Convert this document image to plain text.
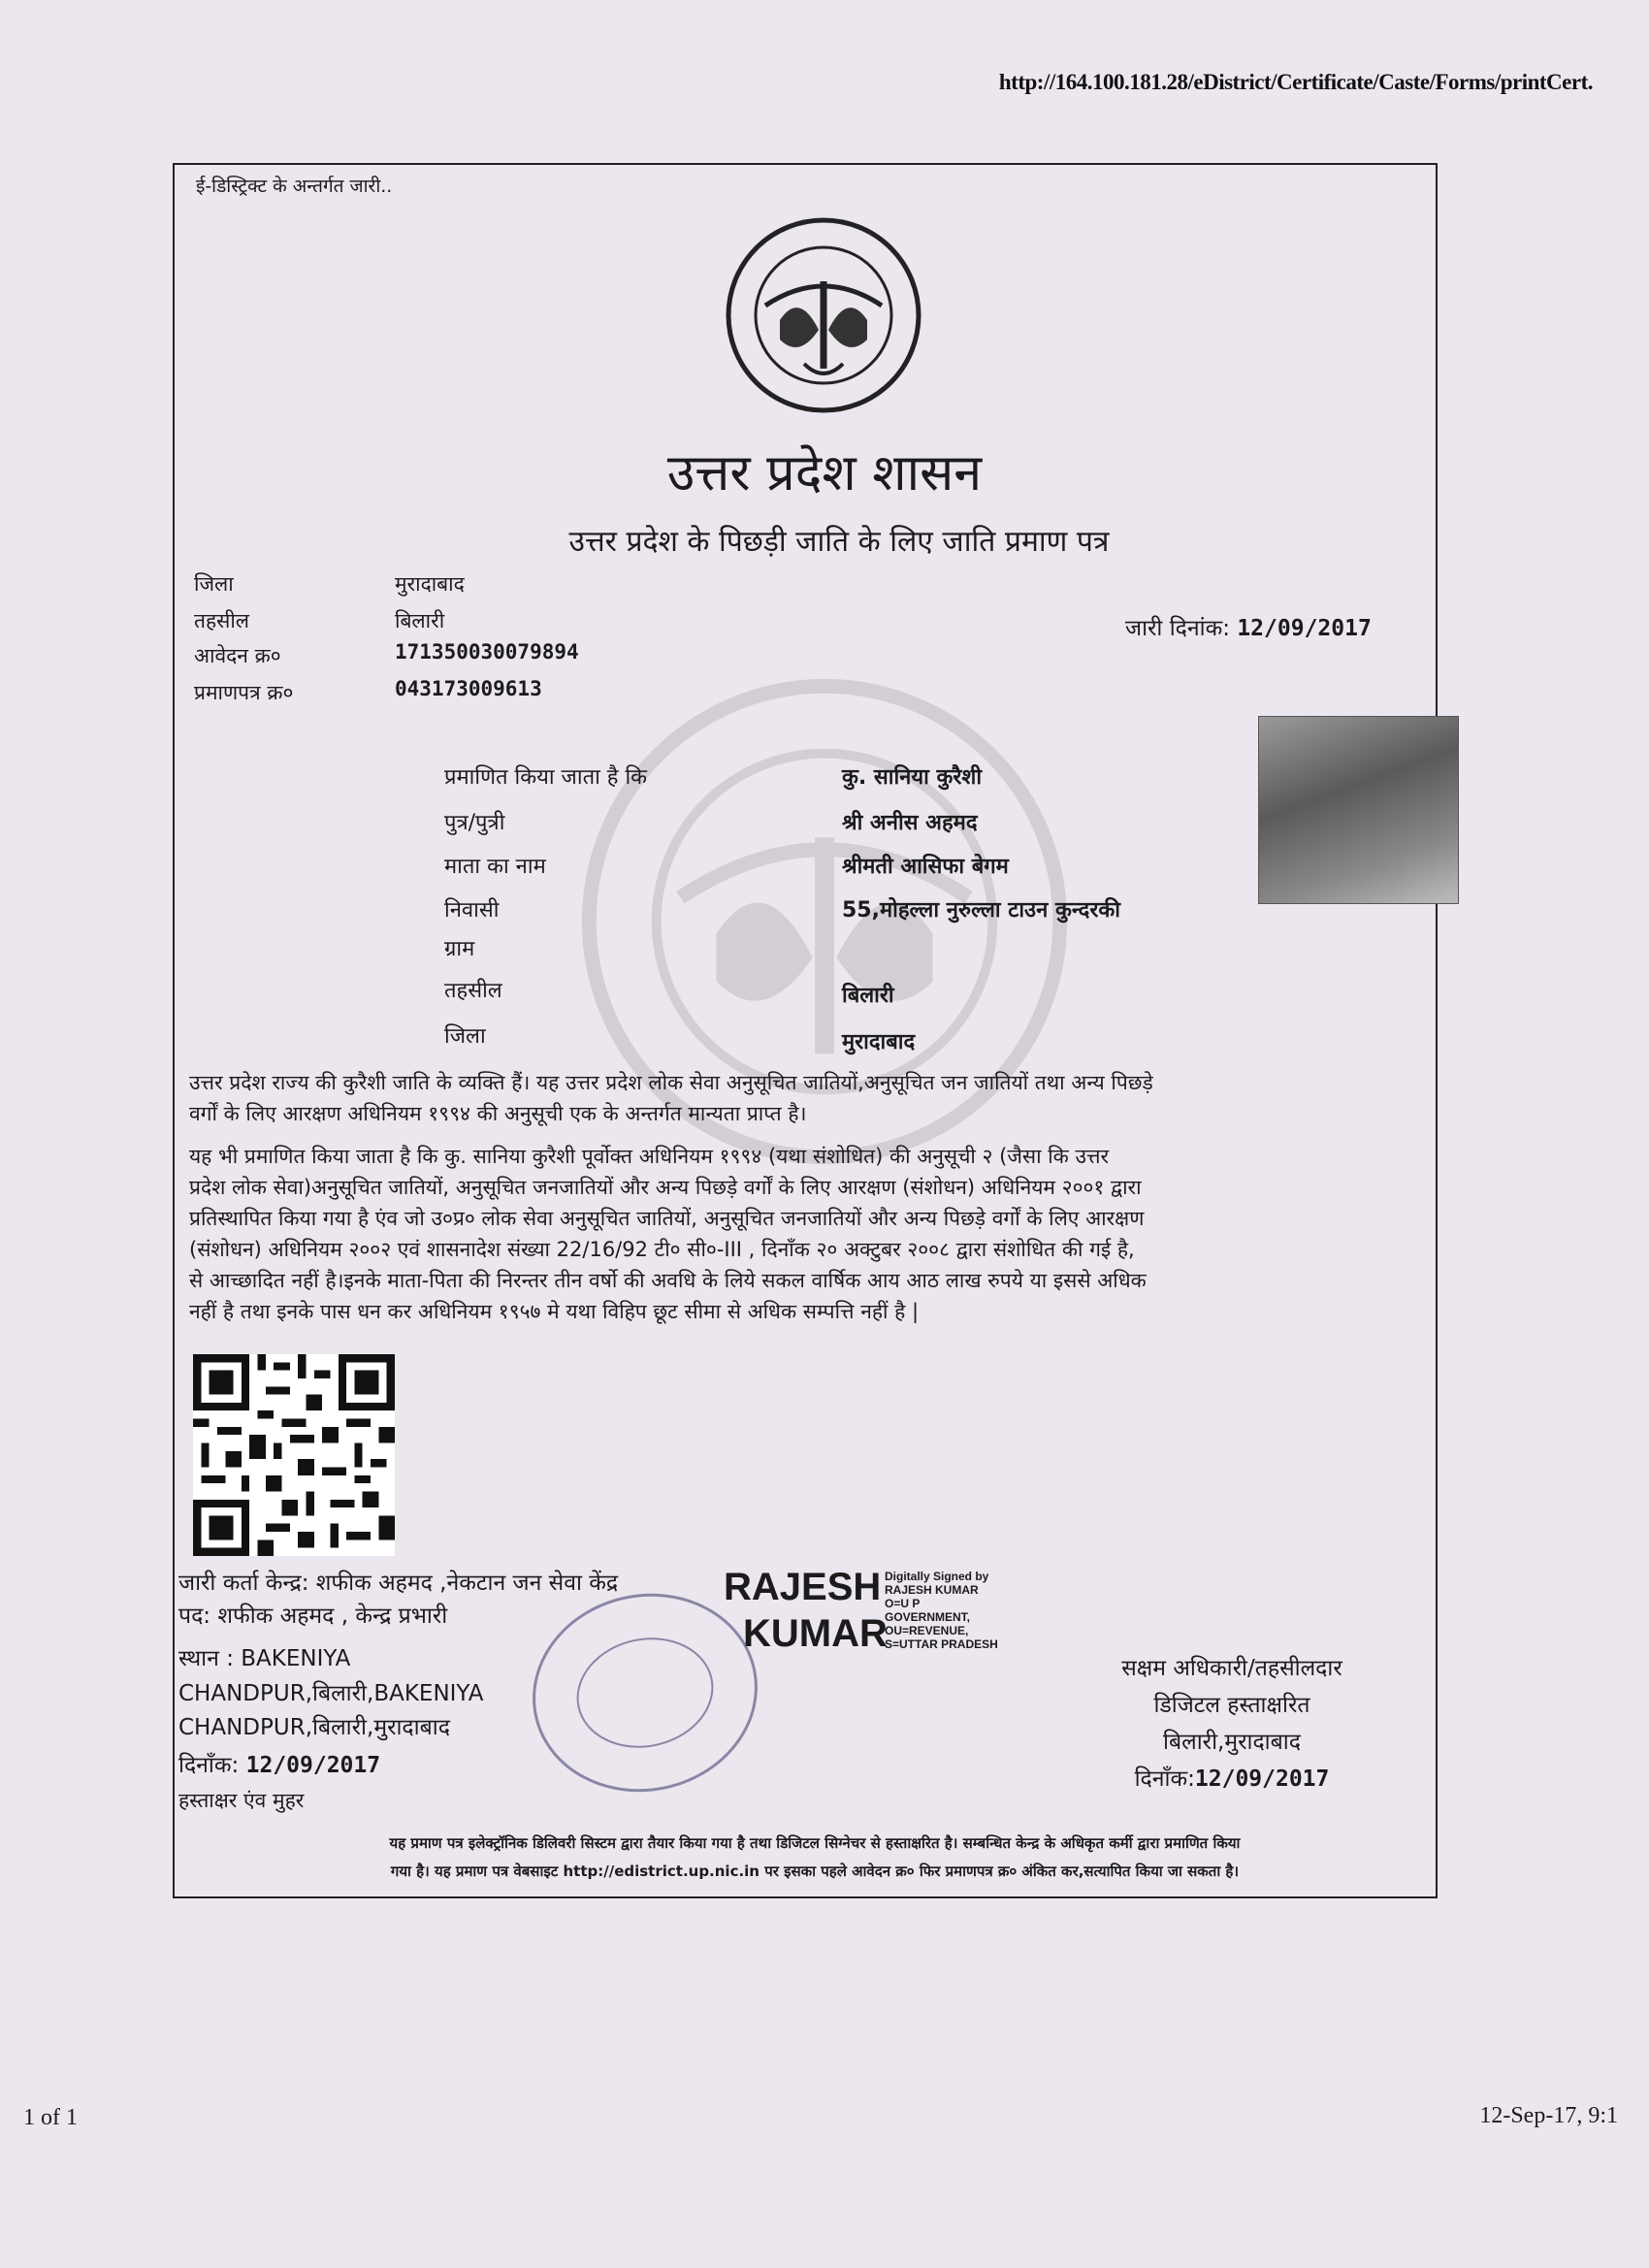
http://164.100.181.28/eDistrict/Certificate/Caste/Forms/printCert.
ई-डिस्ट्रिक्ट के अन्तर्गत जारी..
उत्तर प्रदेश शासन
उत्तर प्रदेश के पिछड़ी जाति के लिए जाति प्रमाण पत्र
जिला	मुरादाबाद
तहसील	बिलारी
आवेदन क्र०	171350030079894
प्रमाणपत्र क्र०	043173009613
जारी दिनांक: 12/09/2017
प्रमाणित किया जाता है कि	कु. सानिया कुरैशी
पुत्र/पुत्री	श्री अनीस अहमद
माता का नाम	श्रीमती आसिफा बेगम
निवासी	55,मोहल्ला नुरुल्ला टाउन कुन्दरकी
ग्राम
तहसील	बिलारी
जिला	मुरादाबाद
उत्तर प्रदेश राज्य की कुरैशी जाति के व्यक्ति हैं। यह उत्तर प्रदेश लोक सेवा अनुसूचित जातियों,अनुसूचित जन जातियों तथा अन्य पिछड़े
वर्गों के लिए आरक्षण अधिनियम १९९४ की अनुसूची एक के अन्तर्गत मान्यता प्राप्त है।
यह भी प्रमाणित किया जाता है कि कु. सानिया कुरैशी पूर्वोक्त अधिनियम १९९४ (यथा संशोधित) की अनुसूची २ (जैसा कि उत्तर
प्रदेश लोक सेवा)अनुसूचित जातियों, अनुसूचित जनजातियों और अन्य पिछड़े वर्गों के लिए आरक्षण (संशोधन) अधिनियम २००१ द्वारा
प्रतिस्थापित किया गया है एंव जो उ०प्र० लोक सेवा अनुसूचित जातियों, अनुसूचित जनजातियों और अन्य पिछड़े वर्गों के लिए आरक्षण
(संशोधन) अधिनियम २००२ एवं शासनादेश संख्या 22/16/92 टी० सी०-III , दिनाँक २० अक्टुबर २००८ द्वारा संशोधित की गई है,
से आच्छादित नहीं है।इनके माता-पिता की निरन्तर तीन वर्षो की अवधि के लिये सकल वार्षिक आय आठ लाख रुपये या इससे अधिक
नहीं है तथा इनके पास धन कर अधिनियम १९५७ मे यथा विहिप छूट सीमा से अधिक सम्पत्ति नहीं है |
जारी कर्ता केन्द्र: शफीक अहमद ,नेकटान जन सेवा केंद्र
पद: शफीक अहमद , केन्द्र प्रभारी
स्थान : BAKENIYA
CHANDPUR,बिलारी,BAKENIYA
CHANDPUR,बिलारी,मुरादाबाद
दिनाँक: 12/09/2017
हस्ताक्षर एंव मुहर
RAJESH
KUMAR
Digitally Signed by
RAJESH KUMAR
O=U P
GOVERNMENT,
OU=REVENUE,
S=UTTAR PRADESH
सक्षम अधिकारी/तहसीलदार
डिजिटल हस्ताक्षरित
बिलारी,मुरादाबाद
दिनाँक:12/09/2017
यह प्रमाण पत्र इलेक्ट्रॉनिक डिलिवरी सिस्टम द्वारा तैयार किया गया है तथा डिजिटल सिग्नेचर से हस्ताक्षरित है। सम्बन्धित केन्द्र के अधिकृत कर्मी द्वारा प्रमाणित किया
गया है। यह प्रमाण पत्र वेबसाइट http://edistrict.up.nic.in पर इसका पहले आवेदन क्र० फिर प्रमाणपत्र क्र० अंकित कर,सत्यापित किया जा सकता है।
1 of 1	12-Sep-17, 9:1
